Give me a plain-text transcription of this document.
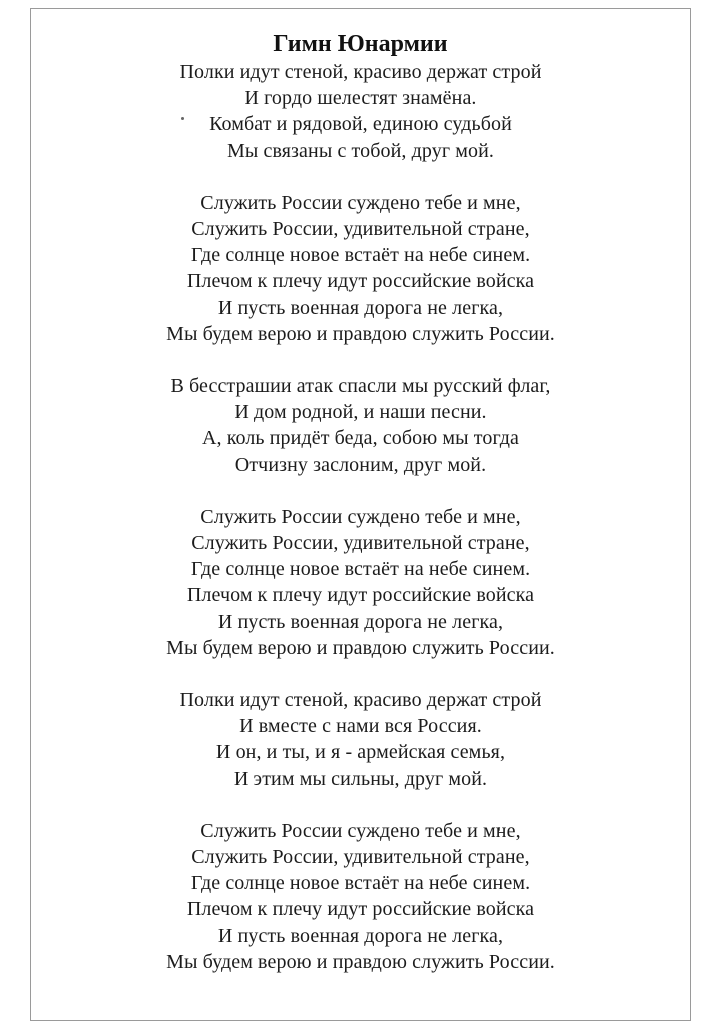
Гимн Юнармии
Полки идут стеной, красиво держат строй
И гордо шелестят знамёна.
Комбат и рядовой, единою судьбой
Мы связаны с тобой, друг мой.
Служить России суждено тебе и мне,
Служить России, удивительной стране,
Где солнце новое встаёт на небе синем.
Плечом к плечу идут российские войска
И пусть военная дорога не легка,
Мы будем верою и правдою служить России.
В бесстрашии атак спасли мы русский флаг,
И дом родной, и наши песни.
А, коль придёт беда, собою мы тогда
Отчизну заслоним, друг мой.
Служить России суждено тебе и мне,
Служить России, удивительной стране,
Где солнце новое встаёт на небе синем.
Плечом к плечу идут российские войска
И пусть военная дорога не легка,
Мы будем верою и правдою служить России.
Полки идут стеной, красиво держат строй
И вместе с нами вся Россия.
И он, и ты, и я - армейская семья,
И этим мы сильны, друг мой.
Служить России суждено тебе и мне,
Служить России, удивительной стране,
Где солнце новое встаёт на небе синем.
Плечом к плечу идут российские войска
И пусть военная дорога не легка,
Мы будем верою и правдою служить России.
